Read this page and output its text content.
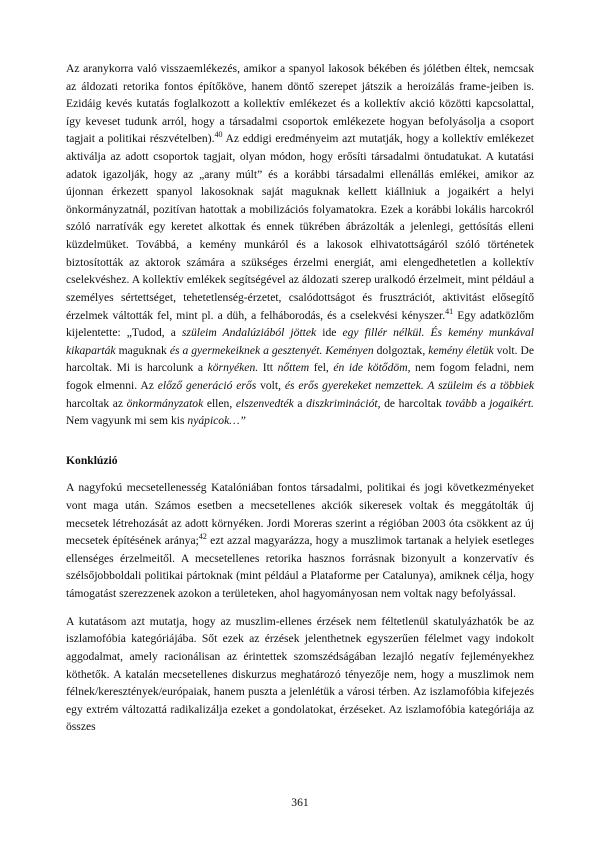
Az aranykorra való visszaemlékezés, amikor a spanyol lakosok békében és jólétben éltek, nemcsak az áldozati retorika fontos építőköve, hanem döntő szerepet játszik a heroizálás frame-jeiben is. Ezidáig kevés kutatás foglalkozott a kollektív emlékezet és a kollektív akció közötti kapcsolattal, így keveset tudunk arról, hogy a társadalmi csoportok emlékezete hogyan befolyásolja a csoport tagjait a politikai részvételben).$^{40}$ Az eddigi eredményeim azt mutatják, hogy a kollektív emlékezet aktiválja az adott csoportok tagjait, olyan módon, hogy erősíti társadalmi öntudatukat. A kutatási adatok igazolják, hogy az „arany múlt” és a korábbi társadalmi ellenállás emlékei, amikor az újonnan érkezett spanyol lakosoknak saját maguknak kellett kiállniuk a jogaikért a helyi önkormányzatnál, pozitívan hatottak a mobilizációs folyamatokra. Ezek a korábbi lokális harcokról szóló narratívák egy keretet alkottak és ennek tükrében ábrázolták a jelenlegi, gettósítás elleni küzdelmüket. Továbbá, a kemény munkáról és a lakosok elhivatottságáról szóló történetek biztosították az aktorok számára a szükséges érzelmi energiát, ami elengedhetetlen a kollektív cselekvéshez. A kollektív emlékek segítségével az áldozati szerep uralkodó érzelmeit, mint például a személyes sértettséget, tehetetlenség-érzetet, csalódottságot és frusztrációt, aktivitást elősegítő érzelmek váltották fel, mint pl. a düh, a felháborodás, és a cselekvési kényszer.$^{41}$ Egy adatközlőm kijelentette: „Tudod, a szüleim Andalúziából jöttek ide egy fillér nélkül. És kemény munkával kikaparták maguknak és a gyermekeiknek a gesztenyét. Keményen dolgoztak, kemény életük volt. De harcoltak. Mi is harcolunk a környéken. Itt nőttem fel, én ide kötődöm, nem fogom feladni, nem fogok elmenni. Az előző generáció erős volt, és erős gyerekeket nemzettek. A szüleim és a többiek harcoltak az önkormányzatok ellen, elszenvedték a diszkriminációt, de harcoltak tovább a jogaikért. Nem vagyunk mi sem kis nyápicok…”

Konklúzió

A nagyfokú mecsetellenesség Katalóniában fontos társadalmi, politikai és jogi következményeket vont maga után. Számos esetben a mecsetellenes akciók sikeresek voltak és meggátolták új mecsetek létrehozását az adott környéken. Jordi Moreras szerint a régióban 2003 óta csökkent az új mecsetek építésének aránya;$^{42}$ ezt azzal magyarázza, hogy a muszlimok tartanak a helyiek esetleges ellenséges érzelmeitől. A mecsetellenes retorika hasznos forrásnak bizonyult a konzervatív és szélsőjobboldali politikai pártoknak (mint például a Plataforme per Catalunya), amiknek célja, hogy támogatást szerezzenek azokon a területeken, ahol hagyományosan nem voltak nagy befolyással.

A kutatásom azt mutatja, hogy az muszlim-ellenes érzések nem féltetlenül skatulyázhatók be az iszlamofóbia kategóriájába. Sőt ezek az érzések jelenthetnek egyszerűen félelmet vagy indokolt aggodalmat, amely racionálisan az érintettek szomszédságában lezajló negatív fejleményekhez köthetők. A katalán mecsetellenes diskurzus meghatározó tényezője nem, hogy a muszlimok nem félnek/keresztények/európaiak, hanem puszta a jelenlétük a városi térben. Az iszlamofóbia kifejezés egy extrém változattá radikalizálja ezeket a gondolatokat, érzéseket. Az iszlamofóbia kategóriája az összes

361
